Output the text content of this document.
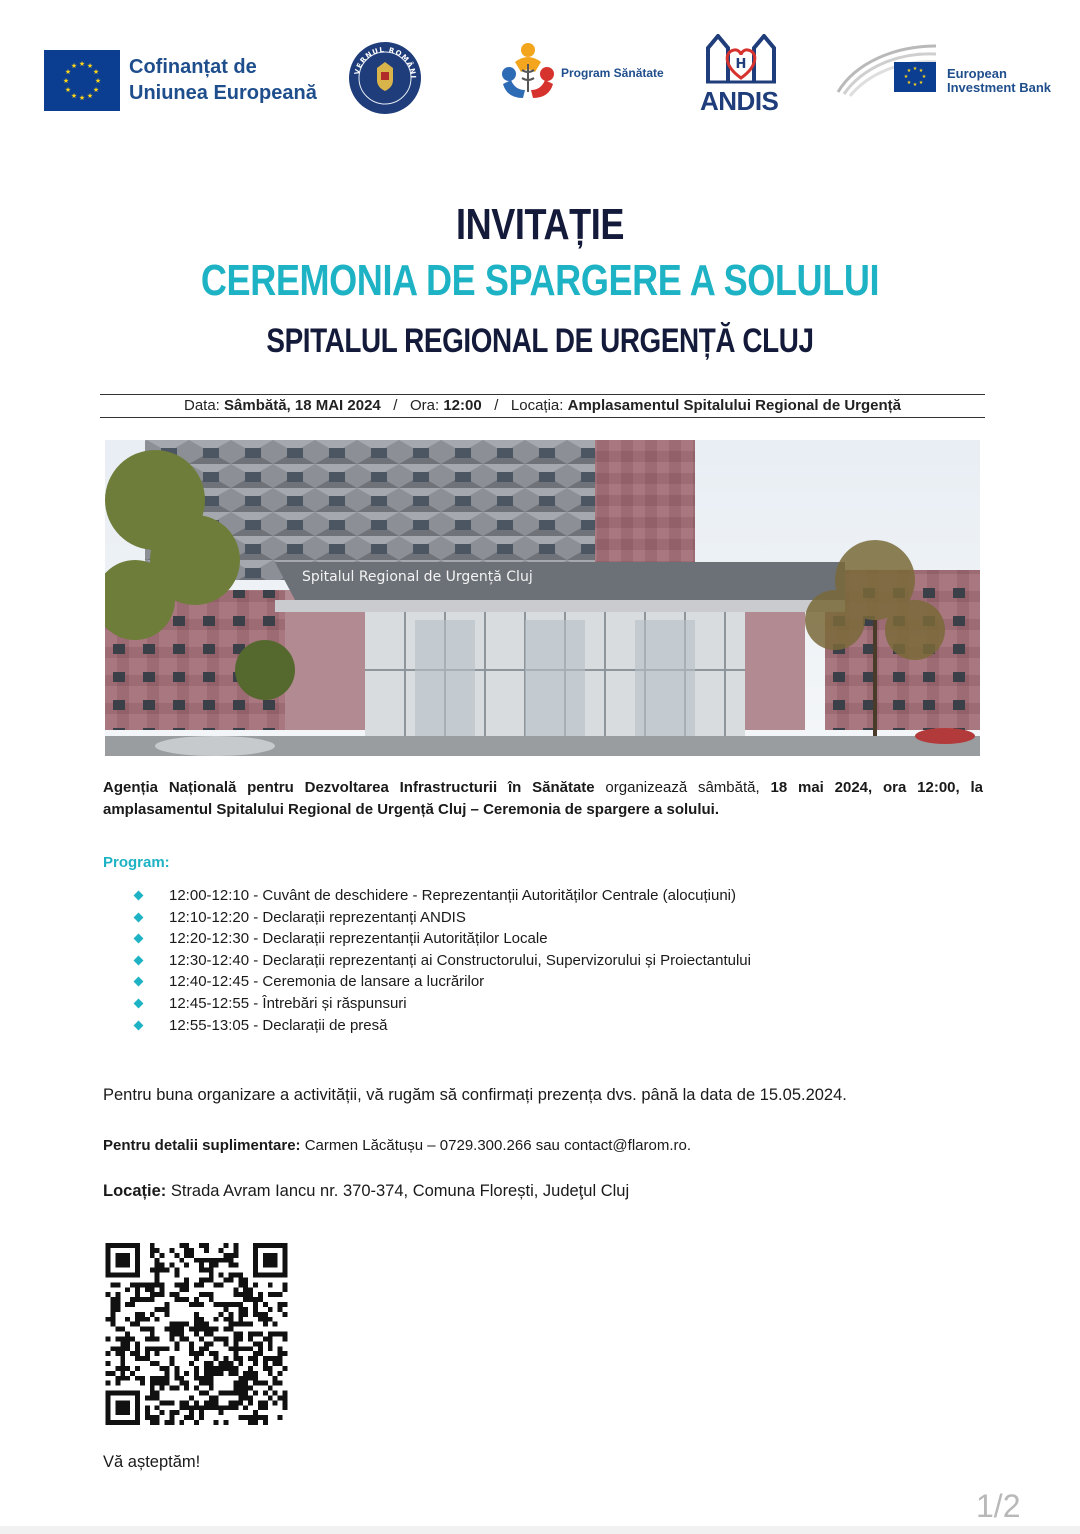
★ ★
★
★
★
★
★
★
★
★
★
★	Cofinanțat de
Uniunea Europeană
VERNUL ROMÂNI	Program Sănătate
H
ANDIS
★ ★
★
★
★
★
★
★	European
Investment Bank
INVITAȚIE
CEREMONIA DE SPARGERE A SOLULUI
SPITALUL REGIONAL DE URGENȚĂ CLUJ
Data: Sâmbătă, 18 MAI 2024 / Ora: 12:00 / Locația: Amplasamentul Spitalului Regional de Urgență
Spitalul Regional de Urgență Cluj
Agenția Națională pentru Dezvoltarea Infrastructurii în Sănătate organizează sâmbătă, 18 mai 2024, ora 12:00, la amplasamentul Spitalului Regional de Urgență Cluj – Ceremonia de spargere a solului.
Program:
12:00-12:10 - Cuvânt de deschidere - Reprezentanții Autorităților Centrale (alocuțiuni)
12:10-12:20 - Declarații reprezentanți ANDIS
12:20-12:30 - Declarații reprezentanții Autorităților Locale
12:30-12:40 - Declarații reprezentanți ai Constructorului, Supervizorului și Proiectantului
12:40-12:45 - Ceremonia de lansare a lucrărilor
12:45-12:55 - Întrebări și răspunsuri
12:55-13:05 - Declarații de presă
Pentru buna organizare a activității, vă rugăm să confirmați prezența dvs. până la data de 15.05.2024.
Pentru detalii suplimentare: Carmen Lăcătușu – 0729.300.266 sau contact@flarom.ro.
Locație: Strada Avram Iancu nr. 370-374, Comuna Florești, Judeţul Cluj
Vă așteptăm!
1/2
